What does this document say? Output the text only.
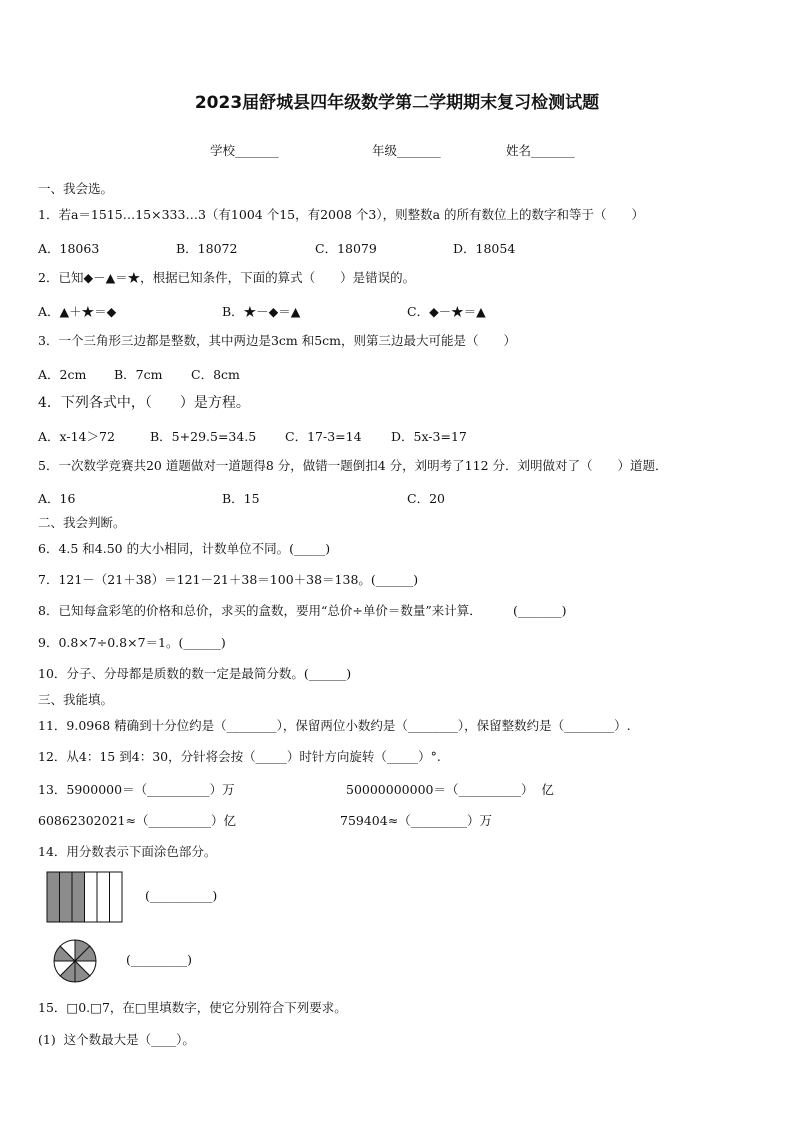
2023届舒城县四年级数学第二学期期末复习检测试题
学校_______	年级_______	姓名_______
一、我会选。
1．若a＝1515…15×333…3（有1004 个15，有2008 个3），则整数a 的所有数位上的数字和等于（　　）
A．18063	B．18072	C．18079	D．18054
2．已知◆－▲＝★，根据已知条件，下面的算式（　　）是错误的。
A．▲＋★＝◆	B．★－◆＝▲	C．◆－★＝▲
3．一个三角形三边都是整数，其中两边是3cm 和5cm，则第三边最大可能是（　　）
A．2cm B．7cm C．8cm
4．下列各式中，（　　）是方程。
A．x-14＞72	B．5+29.5=34.5 C．17-3=14 D．5x-3=17
5．一次数学竞赛共20 道题做对一道题得8 分，做错一题倒扣4 分，刘明考了112 分．刘明做对了（　　）道题．
A．16	B．15	C．20
二、我会判断。
6．4.5 和4.50 的大小相同，计数单位不同。(_____)
7．121－（21＋38）＝121－21＋38＝100＋38＝138。(______)
8．已知每盒彩笔的价格和总价，求买的盒数，要用“总价÷单价＝数量”来计算．　　　(_______)
9．0.8×7÷0.8×7＝1。(______)
10．分子、分母都是质数的数一定是最简分数。(______)
三、我能填。
11．9.0968 精确到十分位约是（________），保留两位小数约是（________），保留整数约是（________）.
12．从4：15 到4：30，分针将会按（_____）时针方向旋转（_____）°.
13．5900000＝（__________）万	50000000000＝（__________）  亿
60862302021≈（__________）亿	759404≈（_________）万
14．用分数表示下面涂色部分。
(__________)
(_________)
15．□0.□7，在□里填数字，使它分别符合下列要求。
(1)  这个数最大是（____）。
